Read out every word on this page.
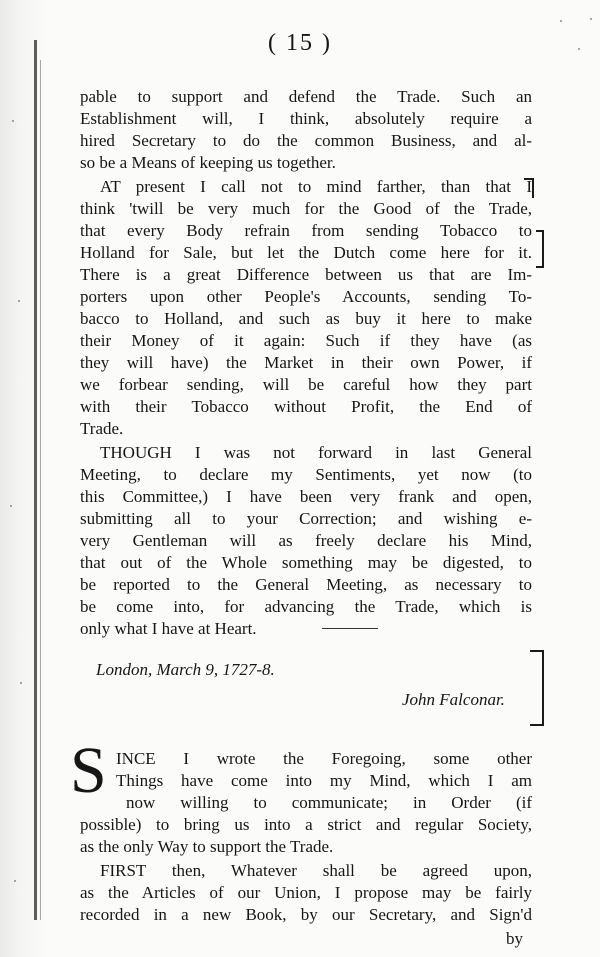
( 15 )
pable to support and defend the Trade. Such an
Establishment will, I think, absolutely require a
hired Secretary to do the common Business, and al-
so be a Means of keeping us together.
AT present I call not to mind farther, than that I
think 'twill be very much for the Good of the Trade,
that every Body refrain from sending Tobacco to
Holland for Sale, but let the Dutch come here for it.
There is a great Difference between us that are Im-
porters upon other People's Accounts, sending To-
bacco to Holland, and such as buy it here to make
their Money of it again: Such if they have (as
they will have) the Market in their own Power, if
we forbear sending, will be careful how they part
with their Tobacco without Profit, the End of
Trade.
THOUGH I was not forward in last General
Meeting, to declare my Sentiments, yet now (to
this Committee,) I have been very frank and open,
submitting all to your Correction; and wishing e-
very Gentleman will as freely declare his Mind,
that out of the Whole something may be digested, to
be reported to the General Meeting, as necessary to
be come into, for advancing the Trade, which is
only what I have at Heart.
London, March 9, 1727-8.
John Falconar.
S INCE I wrote the Foregoing, some other
Things have come into my Mind, which I am
now willing to communicate; in Order (if
possible) to bring us into a strict and regular Society,
as the only Way to support the Trade.
FIRST then, Whatever shall be agreed upon,
as the Articles of our Union, I propose may be fairly
recorded in a new Book, by our Secretary, and Sign'd
by
